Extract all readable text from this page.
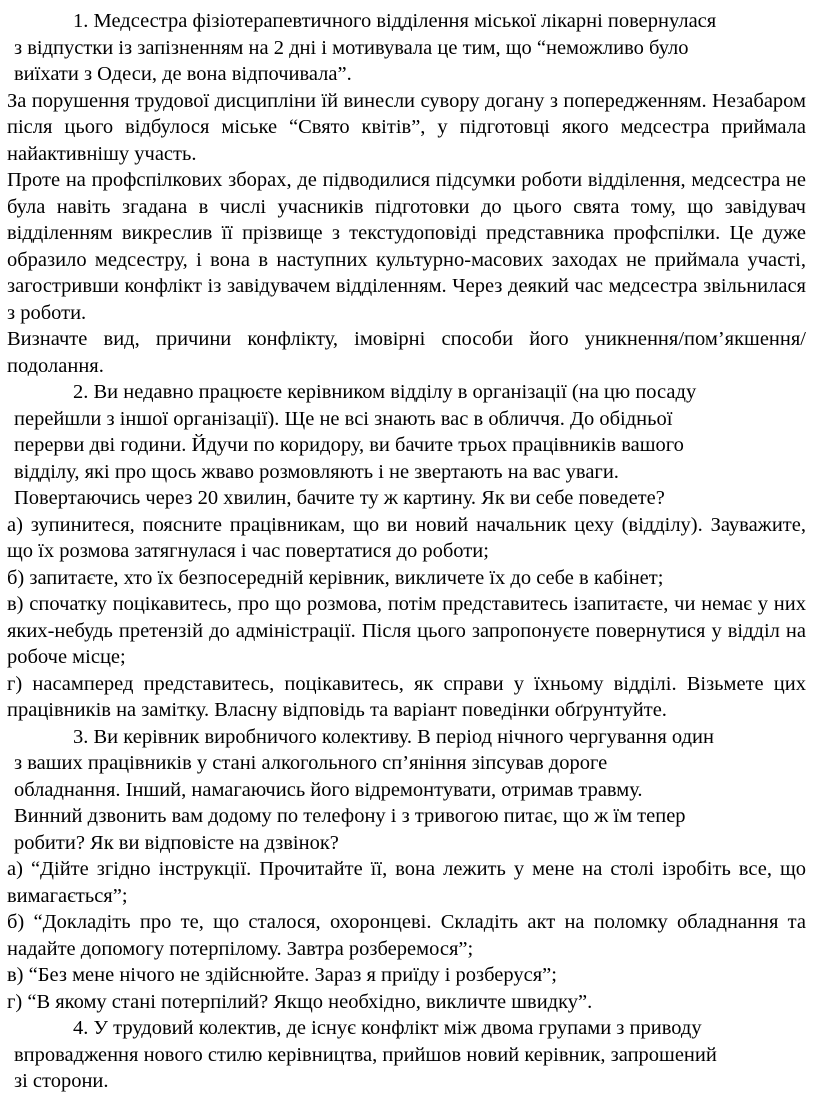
1. Медсестра фізіотерапевтичного відділення міської лікарні повернулася
з відпустки із запізненням на 2 дні і мотивувала це тим, що “неможливо було
виїхати з Одеси, де вона відпочивала”.

За порушення трудової дисципліни їй винесли сувору догану з попередженням. Незабаром після цього відбулося міське “Свято квітів”, у підготовці якого медсестра приймала найактивнішу участь.

Проте на профспілкових зборах, де підводилися підсумки роботи відділення, медсестра не була навіть згадана в числі учасників підготовки до цього свята тому, що завідувач відділенням викреслив її прізвище з текстудоповіді представника профспілки. Це дуже образило медсестру, і вона в наступних культурно-масових заходах не приймала участі, загостривши конфлікт із завідувачем відділенням. Через деякий час медсестра звільнилася з роботи.

Визначте вид, причини конфлікту, імовірні способи його уникнення/пом’якшення/подолання.

2. Ви недавно працюєте керівником відділу в організації (на цю посаду
перейшли з іншої організації). Ще не всі знають вас в обличчя. До обідньої
перерви дві години. Йдучи по коридору, ви бачите трьох працівників вашого
відділу, які про щось жваво розмовляють і не звертають на вас уваги.
Повертаючись через 20 хвилин, бачите ту ж картину. Як ви себе поведете?

а) зупинитеся, поясните працівникам, що ви новий начальник цеху (відділу). Зауважите, що їх розмова затягнулася і час повертатися до роботи;

б) запитаєте, хто їх безпосередній керівник, викличете їх до себе в кабінет;

в) спочатку поцікавитесь, про що розмова, потім представитесь ізапитаєте, чи немає у них яких-небудь претензій до адміністрації. Після цього запропонуєте повернутися у відділ на робоче місце;

г) насамперед представитесь, поцікавитесь, як справи у їхньому відділі. Візьмете цих працівників на замітку. Власну відповідь та варіант поведінки обґрунтуйте.

3. Ви керівник виробничого колективу. В період нічного чергування один
з ваших працівників у стані алкогольного сп’яніння зіпсував дороге
обладнання. Інший, намагаючись його відремонтувати, отримав травму.
Винний дзвонить вам додому по телефону і з тривогою питає, що ж їм тепер
робити? Як ви відповісте на дзвінок?

а) “Дійте згідно інструкції. Прочитайте її, вона лежить у мене на столі ізробіть все, що вимагається”;

б) “Докладіть про те, що сталося, охоронцеві. Складіть акт на поломку обладнання та надайте допомогу потерпілому. Завтра розберемося”;

в) “Без мене нічого не здійснюйте. Зараз я приїду і розберуся”;

г) “В якому стані потерпілий? Якщо необхідно, викличте швидку”.

4. У трудовий колектив, де існує конфлікт між двома групами з приводу
впровадження нового стилю керівництва, прийшов новий керівник, запрошений
зі сторони.
